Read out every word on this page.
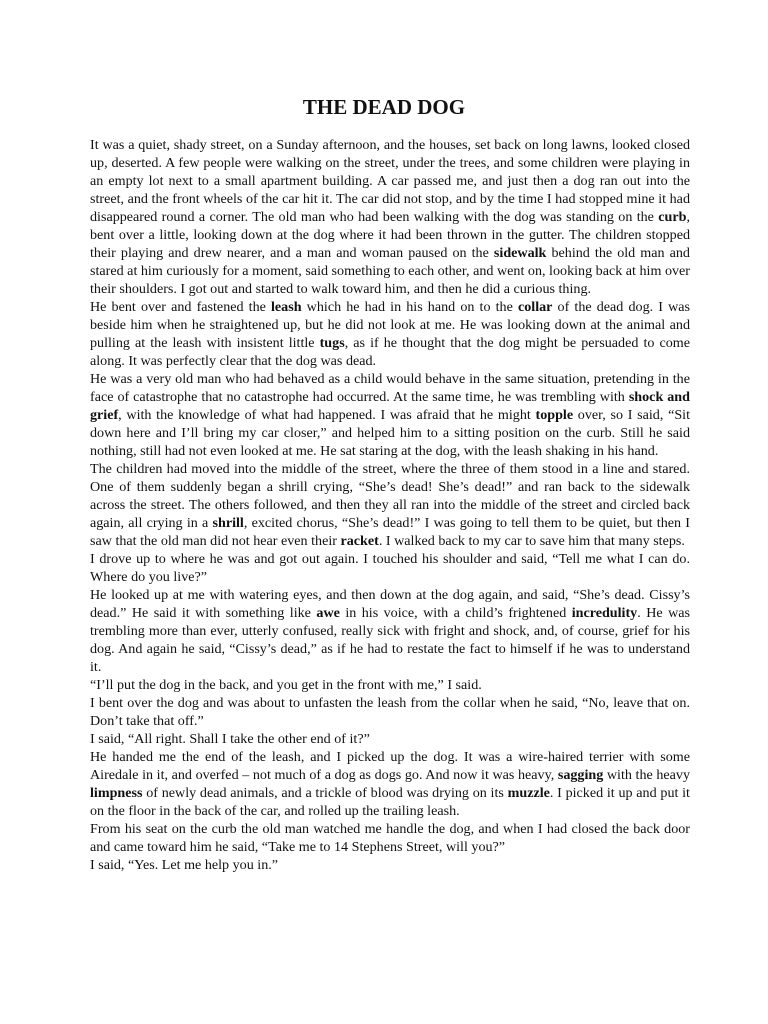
THE DEAD DOG

It was a quiet, shady street, on a Sunday afternoon, and the houses, set back on long lawns, looked closed up, deserted. A few people were walking on the street, under the trees, and some children were playing in an empty lot next to a small apartment building. A car passed me, and just then a dog ran out into the street, and the front wheels of the car hit it. The car did not stop, and by the time I had stopped mine it had disappeared round a corner. The old man who had been walking with the dog was standing on the curb, bent over a little, looking down at the dog where it had been thrown in the gutter. The children stopped their playing and drew nearer, and a man and woman paused on the sidewalk behind the old man and stared at him curiously for a moment, said something to each other, and went on, looking back at him over their shoulders. I got out and started to walk toward him, and then he did a curious thing.

He bent over and fastened the leash which he had in his hand on to the collar of the dead dog. I was beside him when he straightened up, but he did not look at me. He was looking down at the animal and pulling at the leash with insistent little tugs, as if he thought that the dog might be persuaded to come along. It was perfectly clear that the dog was dead.

He was a very old man who had behaved as a child would behave in the same situation, pretending in the face of catastrophe that no catastrophe had occurred. At the same time, he was trembling with shock and grief, with the knowledge of what had happened. I was afraid that he might topple over, so I said, “Sit down here and I’ll bring my car closer,” and helped him to a sitting position on the curb. Still he said nothing, still had not even looked at me. He sat staring at the dog, with the leash shaking in his hand.

The children had moved into the middle of the street, where the three of them stood in a line and stared. One of them suddenly began a shrill crying, “She’s dead! She’s dead!” and ran back to the sidewalk across the street. The others followed, and then they all ran into the middle of the street and circled back again, all crying in a shrill, excited chorus, “She’s dead!” I was going to tell them to be quiet, but then I saw that the old man did not hear even their racket. I walked back to my car to save him that many steps.

I drove up to where he was and got out again. I touched his shoulder and said, “Tell me what I can do. Where do you live?”

He looked up at me with watering eyes, and then down at the dog again, and said, “She’s dead. Cissy’s dead.” He said it with something like awe in his voice, with a child’s frightened incredulity. He was trembling more than ever, utterly confused, really sick with fright and shock, and, of course, grief for his dog. And again he said, “Cissy’s dead,” as if he had to restate the fact to himself if he was to understand it.

“I’ll put the dog in the back, and you get in the front with me,” I said.

I bent over the dog and was about to unfasten the leash from the collar when he said, “No, leave that on. Don’t take that off.”

I said, “All right. Shall I take the other end of it?”

He handed me the end of the leash, and I picked up the dog. It was a wire-haired terrier with some Airedale in it, and overfed – not much of a dog as dogs go. And now it was heavy, sagging with the heavy limpness of newly dead animals, and a trickle of blood was drying on its muzzle. I picked it up and put it on the floor in the back of the car, and rolled up the trailing leash.

From his seat on the curb the old man watched me handle the dog, and when I had closed the back door and came toward him he said, “Take me to 14 Stephens Street, will you?”

I said, “Yes. Let me help you in.”
